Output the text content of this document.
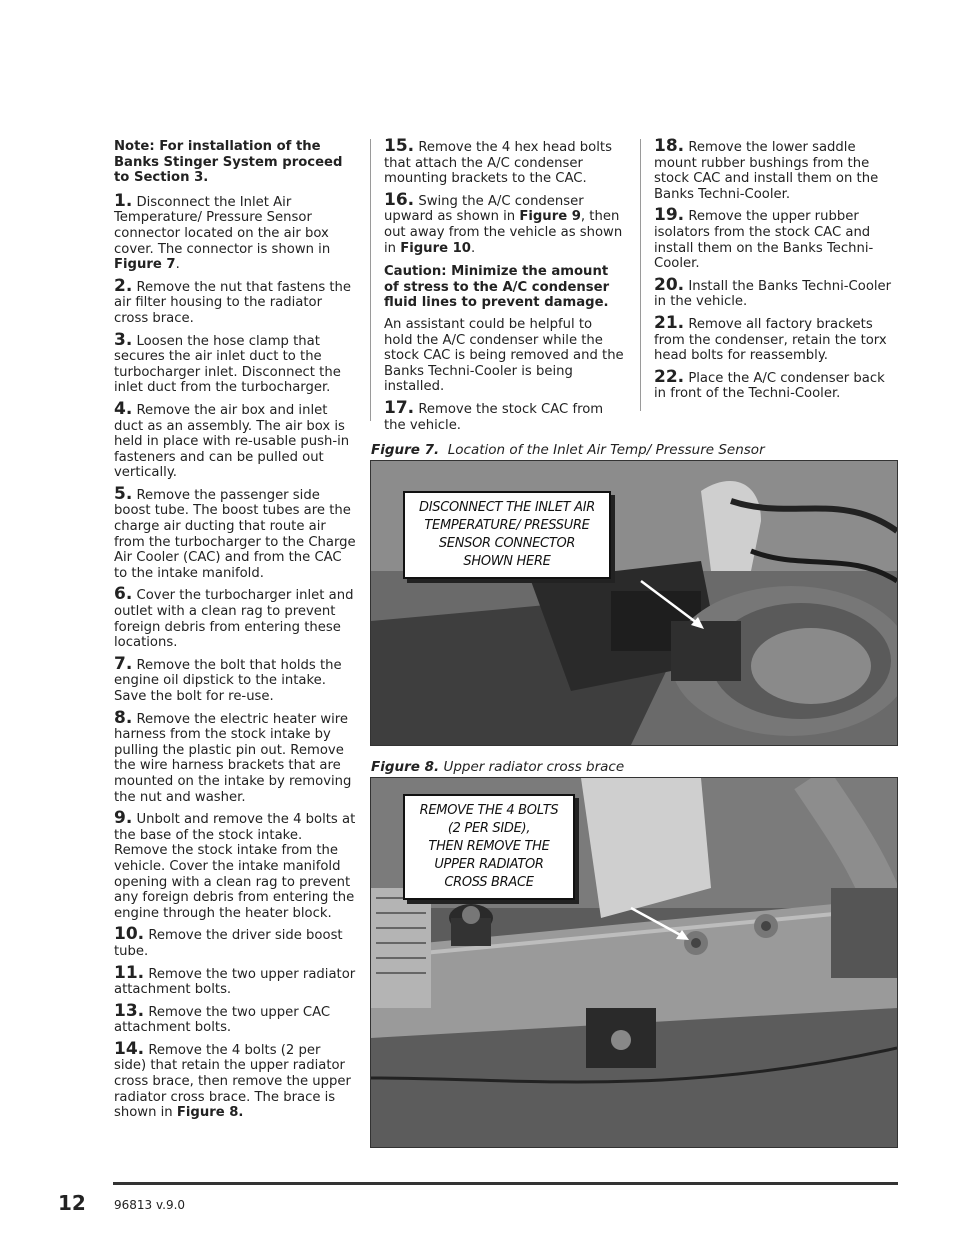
Note: For installation of the Banks Stinger System proceed to Section 3.

1. Disconnect the Inlet Air Temperature/ Pressure Sensor connector located on the air box cover. The connector is shown in Figure 7.

2. Remove the nut that fastens the air filter housing to the radiator cross brace.

3. Loosen the hose clamp that secures the air inlet duct to the turbocharger inlet. Disconnect the inlet duct from the turbocharger.

4. Remove the air box and inlet duct as an assembly. The air box is held in place with re-usable push-in fasteners and can be pulled out vertically.

5. Remove the passenger side boost tube. The boost tubes are the charge air ducting that route air from the turbocharger to the Charge Air Cooler (CAC) and from the CAC to the intake manifold.

6. Cover the turbocharger inlet and outlet with a clean rag to prevent foreign debris from entering these locations.

7. Remove the bolt that holds the engine oil dipstick to the intake. Save the bolt for re-use.

8. Remove the electric heater wire harness from the stock intake by pulling the plastic pin out. Remove the wire harness brackets that are mounted on the intake by removing the nut and washer.

9. Unbolt and remove the 4 bolts at the base of the stock intake. Remove the stock intake from the vehicle. Cover the intake manifold opening with a clean rag to prevent any foreign debris from entering the engine through the heater block.

10. Remove the driver side boost tube.

11. Remove the two upper radiator attachment bolts.

13. Remove the two upper CAC attachment bolts.

14. Remove the 4 bolts (2 per side) that retain the upper radiator cross brace, then remove the upper radiator cross brace. The brace is shown in Figure 8.

15. Remove the 4 hex head bolts that attach the A/C condenser mounting brackets to the CAC.

16. Swing the A/C condenser upward as shown in Figure 9, then out away from the vehicle as shown in Figure 10.

Caution: Minimize the amount of stress to the A/C condenser fluid lines to prevent damage.

An assistant could be helpful to hold the A/C condenser while the stock CAC is being removed and the Banks Techni-Cooler is being installed.

17. Remove the stock CAC from the vehicle.

18. Remove the lower saddle mount rubber bushings from the stock CAC and install them on the Banks Techni-Cooler.

19. Remove the upper rubber isolators from the stock CAC and install them on the Banks Techni-Cooler.

20. Install the Banks Techni-Cooler in the vehicle.

21. Remove all factory brackets from the condenser, retain the torx head bolts for reassembly.

22. Place the A/C condenser back in front of the Techni-Cooler.

Figure 7.  Location of the Inlet Air Temp/ Pressure Sensor
DISCONNECT THE INLET AIR
TEMPERATURE/ PRESSURE
SENSOR CONNECTOR
SHOWN HERE
Figure 8. Upper radiator cross brace
REMOVE THE 4 BOLTS
(2 PER SIDE),
THEN REMOVE THE
UPPER RADIATOR
CROSS BRACE
12 96813 v.9.0
